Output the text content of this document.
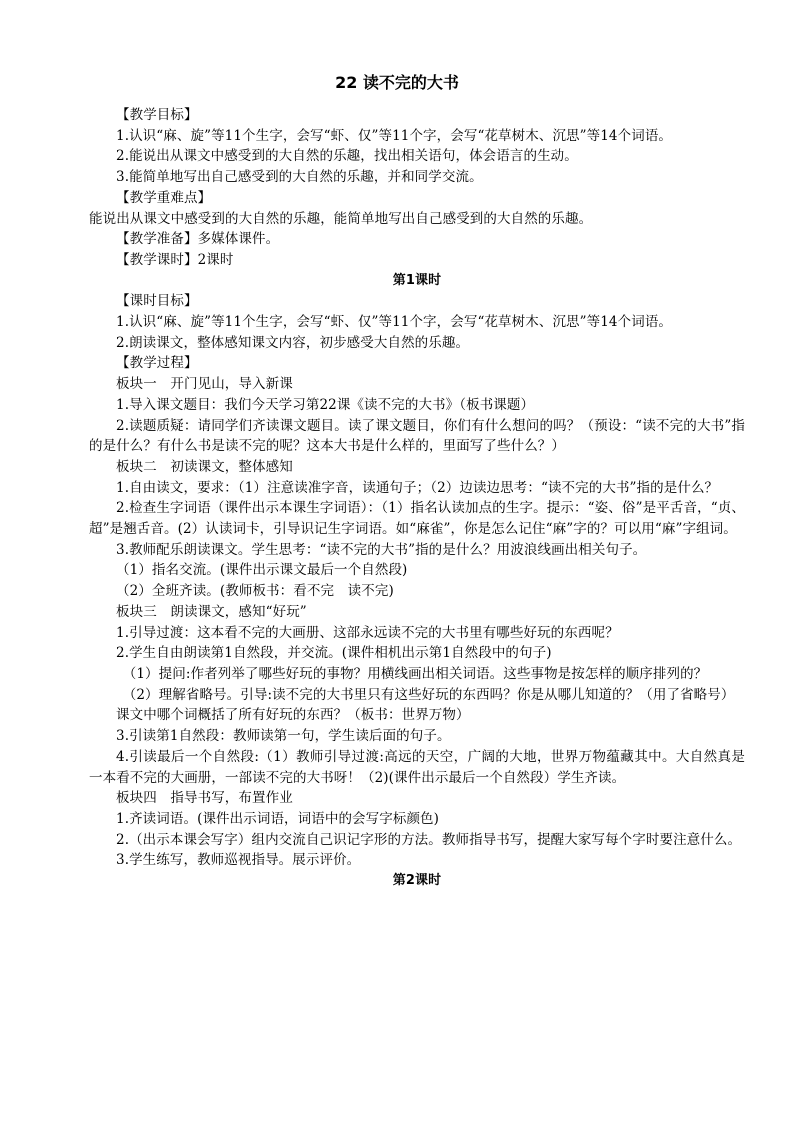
22 读不完的大书

【教学目标】

1.认识“麻、旋”等11个生字，会写“虾、仅”等11个字，会写“花草树木、沉思”等14个词语。

2.能说出从课文中感受到的大自然的乐趣，找出相关语句，体会语言的生动。

3.能简单地写出自己感受到的大自然的乐趣，并和同学交流。

【教学重难点】

能说出从课文中感受到的大自然的乐趣，能简单地写出自己感受到的大自然的乐趣。

【教学准备】多媒体课件。

【教学课时】2课时

第1课时

【课时目标】

1.认识“麻、旋”等11个生字，会写“虾、仅”等11个字，会写“花草树木、沉思”等14个词语。

2.朗读课文，整体感知课文内容，初步感受大自然的乐趣。

【教学过程】

板块一　开门见山，导入新课

1.导入课文题目：我们今天学习第22课《读不完的大书》（板书课题）

2.读题质疑：请同学们齐读课文题目。读了课文题目，你们有什么想问的吗？（预设：“读不完的大书”指的是什么？有什么书是读不完的呢？这本大书是什么样的，里面写了些什么？）

板块二　初读课文，整体感知

1.自由读文，要求：（1）注意读准字音，读通句子；（2）边读边思考：“读不完的大书”指的是什么？

2.检查生字词语（课件出示本课生字词语）：（1）指名认读加点的生字。提示：“姿、俗”是平舌音，“贞、超”是翘舌音。(2）认读词卡，引导识记生字词语。如“麻雀”，你是怎么记住“麻”字的？可以用“麻”字组词。

3.教师配乐朗读课文。学生思考：“读不完的大书”指的是什么？用波浪线画出相关句子。

（1）指名交流。(课件出示课文最后一个自然段)

（2）全班齐读。(教师板书：看不完　读不完)

板块三　朗读课文，感知“好玩”

1.引导过渡：这本看不完的大画册、这部永远读不完的大书里有哪些好玩的东西呢？

2.学生自由朗读第1自然段，并交流。(课件相机出示第1自然段中的句子)

（1）提问:作者列举了哪些好玩的事物？用横线画出相关词语。这些事物是按怎样的顺序排列的？

（2）理解省略号。引导:读不完的大书里只有这些好玩的东西吗？你是从哪儿知道的？（用了省略号）

课文中哪个词概括了所有好玩的东西？（板书：世界万物）

3.引读第1自然段：教师读第一句，学生读后面的句子。

4.引读最后一个自然段:（1）教师引导过渡:高远的天空，广阔的大地，世界万物蕴藏其中。大自然真是一本看不完的大画册，一部读不完的大书呀！（2)(课件出示最后一个自然段）学生齐读。

板块四　指导书写，布置作业

1.齐读词语。(课件出示词语，词语中的会写字标颜色)

2.（出示本课会写字）组内交流自己识记字形的方法。教师指导书写，提醒大家写每个字时要注意什么。

3.学生练写，教师巡视指导。展示评价。

第2课时
